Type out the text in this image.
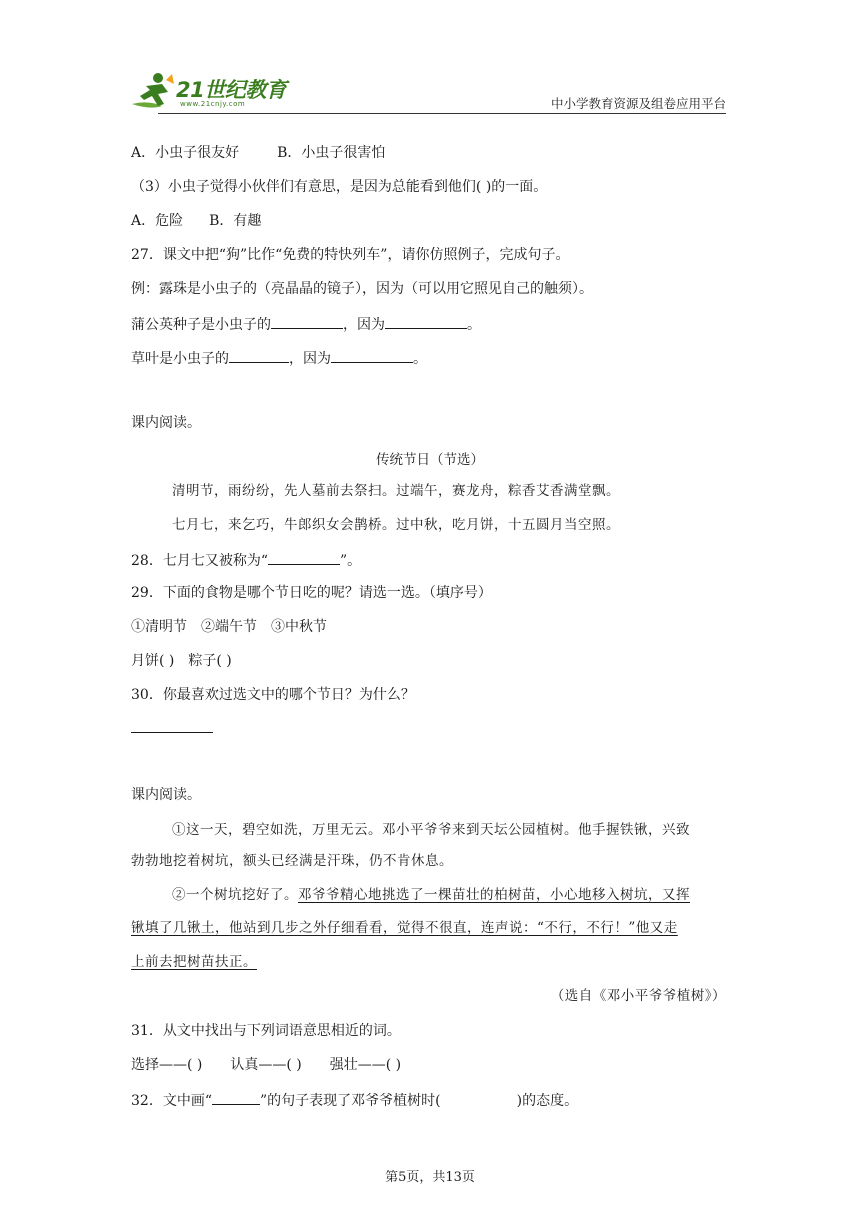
21世纪教育
www.21cnjy.com	中小学教育资源及组卷应用平台
A．小虫子很友好	B．小虫子很害怕
（3）小虫子觉得小伙伴们有意思，是因为总能看到他们( )的一面。
A．危险 B．有趣
27．课文中把“狗”比作“免费的特快列车”，请你仿照例子，完成句子。
例：露珠是小虫子的（亮晶晶的镜子），因为（可以用它照见自己的触须）。
蒲公英种子是小虫子的	，因为	。
草叶是小虫子的	，因为	。
课内阅读。
传统节日（节选）
清明节，雨纷纷，先人墓前去祭扫。过端午，赛龙舟，粽香艾香满堂飘。
七月七，来乞巧，牛郎织女会鹊桥。过中秋，吃月饼，十五圆月当空照。
28．七月七又被称为“	”。
29．下面的食物是哪个节日吃的呢？请选一选。（填序号）
①清明节 ②端午节 ③中秋节
月饼( ) 粽子( )
30．你最喜欢过选文中的哪个节日？为什么？
课内阅读。
①这一天，碧空如洗，万里无云。邓小平爷爷来到天坛公园植树。他手握铁锹，兴致
勃勃地挖着树坑，额头已经满是汗珠，仍不肯休息。
②一个树坑挖好了。邓爷爷精心地挑选了一棵苗壮的柏树苗，小心地移入树坑，又挥
锹填了几锹土，他站到几步之外仔细看看，觉得不很直，连声说：“不行，不行！”他又走
上前去把树苗扶正。
（选自《邓小平爷爷植树》）
31．从文中找出与下列词语意思相近的词。
选择——( ) 认真——( ) 强壮——( )
32．文中画“	”的句子表现了邓爷爷植树时(	)的态度。
第5页，共13页
